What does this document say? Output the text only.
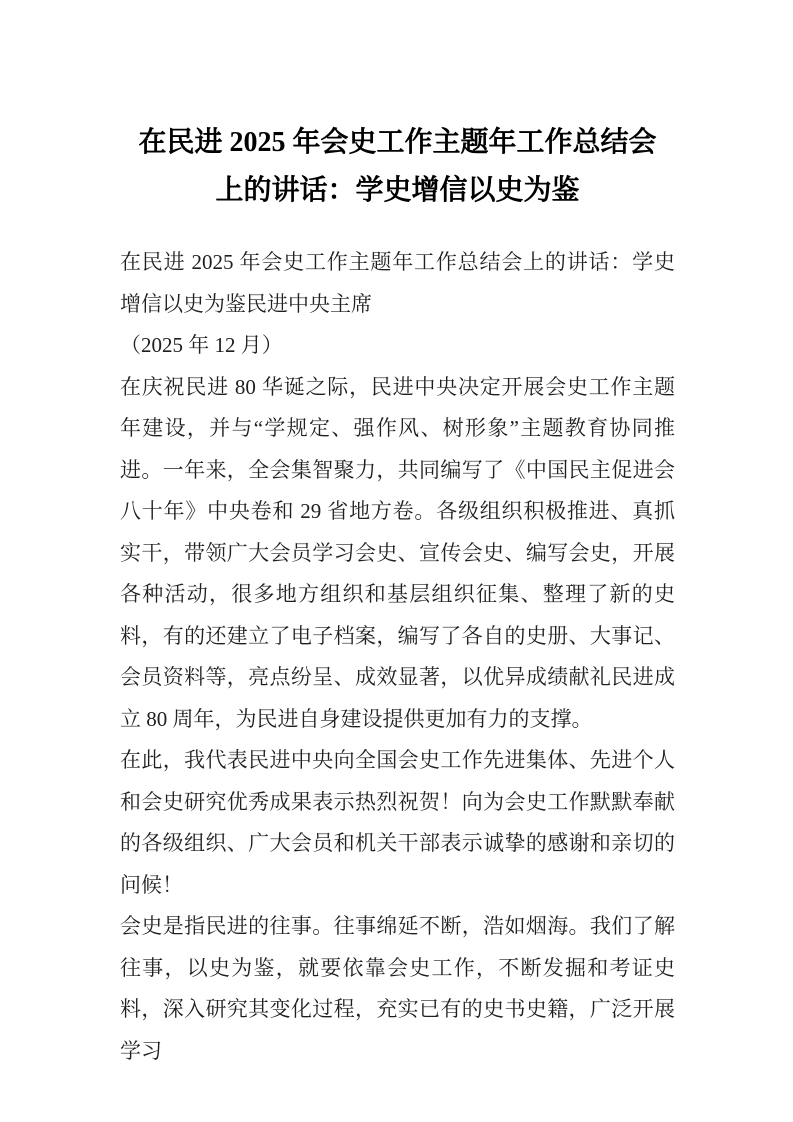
在民进 2025 年会史工作主题年工作总结会
上的讲话：学史增信以史为鉴

在民进 2025 年会史工作主题年工作总结会上的讲话：学史增信以史为鉴民进中央主席

（2025 年 12 月）

在庆祝民进 80 华诞之际，民进中央决定开展会史工作主题年建设，并与“学规定、强作风、树形象”主题教育协同推进。一年来，全会集智聚力，共同编写了《中国民主促进会八十年》中央卷和 29 省地方卷。各级组织积极推进、真抓实干，带领广大会员学习会史、宣传会史、编写会史，开展各种活动，很多地方组织和基层组织征集、整理了新的史料，有的还建立了电子档案，编写了各自的史册、大事记、会员资料等，亮点纷呈、成效显著，以优异成绩献礼民进成立 80 周年，为民进自身建设提供更加有力的支撑。

在此，我代表民进中央向全国会史工作先进集体、先进个人和会史研究优秀成果表示热烈祝贺！向为会史工作默默奉献的各级组织、广大会员和机关干部表示诚挚的感谢和亲切的问候！

会史是指民进的往事。往事绵延不断，浩如烟海。我们了解往事，以史为鉴，就要依靠会史工作，不断发掘和考证史料，深入研究其变化过程，充实已有的史书史籍，广泛开展学习
